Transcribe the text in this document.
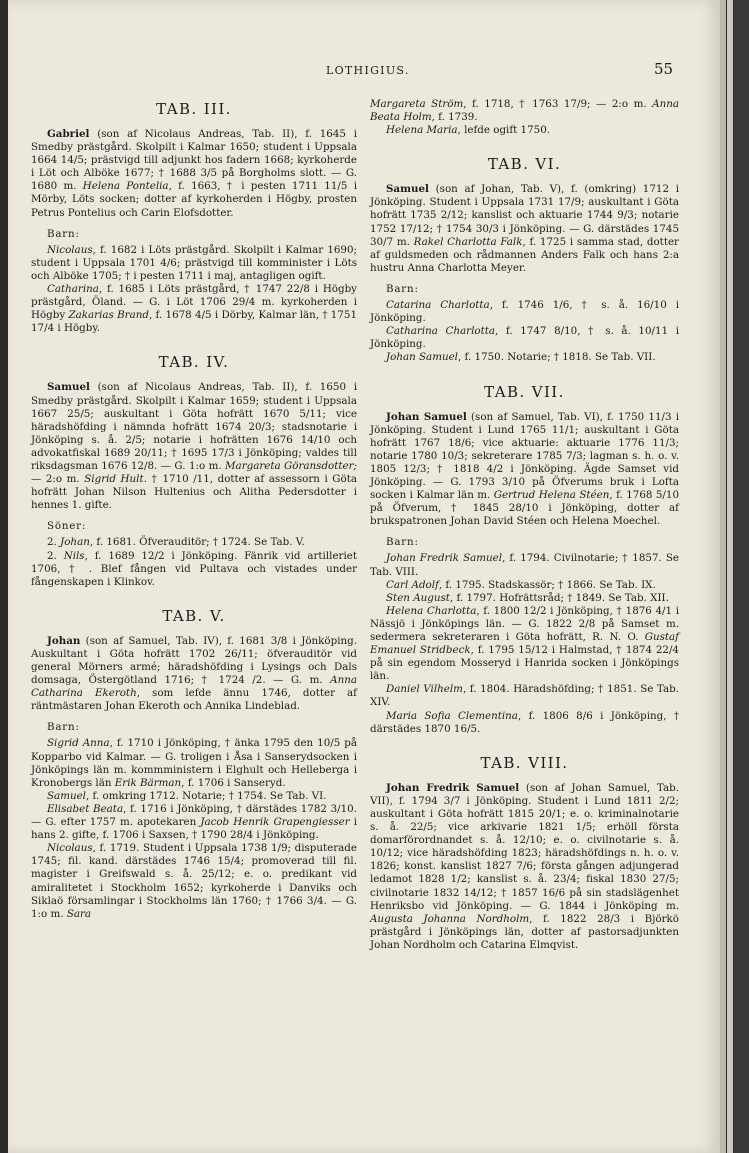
LOTHIGIUS.	55
TAB. III.

Gabriel (son af Nicolaus Andreas, Tab. II), f. 1645 i Smedby prästgård. Skolpilt i Kalmar 1650; student i Uppsala 1664 14/5; prästvigd till adjunkt hos fadern 1668; kyrkoherde i Löt och Alböke 1677; † 1688 3/5 på Borgholms slott. — G. 1680 m. Helena Pontelia, f. 1663, † i pesten 1711 11/5 i Mörby, Löts socken; dotter af kyrkoherden i Högby, prosten Petrus Pontelius och Carin Elofsdotter.

Barn:

Nicolaus, f. 1682 i Löts prästgård. Skolpilt i Kalmar 1690; student i Uppsala 1701 4/6; prästvigd till komminister i Löts och Alböke 1705; † i pesten 1711 i maj, antagligen ogift.

Catharina, f. 1685 i Löts prästgård, † 1747 22/8 i Högby prästgård, Öland. — G. i Löt 1706 29/4 m. kyrkoherden i Högby Zakarias Brand, f. 1678 4/5 i Dörby, Kalmar län, † 1751 17/4 i Högby.

TAB. IV.

Samuel (son af Nicolaus Andreas, Tab. II), f. 1650 i Smedby prästgård. Skolpilt i Kalmar 1659; student i Uppsala 1667 25/5; auskultant i Göta hofrätt 1670 5/11; vice häradshöfding i nämnda hofrätt 1674 20/3; stadsnotarie i Jönköping s. å. 2/5; notarie i hofrätten 1676 14/10 och advokatfiskal 1689 20/11; † 1695 17/3 i Jönköping; valdes till riksdagsman 1676 12/8. — G. 1:o m. Margareta Göransdotter; — 2:o m. Sigrid Hult. † 1710 /11, dotter af assessorn i Göta hofrätt Johan Nilson Hultenius och Alitha Pedersdotter i hennes 1. gifte.

Söner:

2. Johan, f. 1681. Öfverauditör; † 1724. Se Tab. V.

2. Nils, f. 1689 12/2 i Jönköping. Fänrik vid artilleriet 1706, † . Blef fången vid Pultava och vistades under fångenskapen i Klinkov.

TAB. V.

Johan (son af Samuel, Tab. IV), f. 1681 3/8 i Jönköping. Auskultant i Göta hofrätt 1702 26/11; öfverauditör vid general Mörners armé; häradshöfding i Lysings och Dals domsaga, Östergötland 1716; † 1724 /2. — G. m. Anna Catharina Ekeroth, som lefde ännu 1746, dotter af räntmästaren Johan Ekeroth och Annika Lindeblad.

Barn:

Sigrid Anna, f. 1710 i Jönköping, † änka 1795 den 10/5 på Kopparbo vid Kalmar. — G. troligen i Åsa i Sanserydsocken i Jönköpings län m. kommministern i Elghult och Helleberga i Kronobergs län Erik Bärman, f. 1706 i Sanseryd.

Samuel, f. omkring 1712. Notarie; † 1754. Se Tab. VI.

Elisabet Beata, f. 1716 i Jönköping, † därstädes 1782 3/10. — G. efter 1757 m. apotekaren Jacob Henrik Grapengiesser i hans 2. gifte, f. 1706 i Saxsen, † 1790 28/4 i Jönköping.

Nicolaus, f. 1719. Student i Uppsala 1738 1/9; disputerade 1745; fil. kand. därstädes 1746 15/4; promoverad till fil. magister i Greifswald s. å. 25/12; e. o. predikant vid amiralitetet i Stockholm 1652; kyrkoherde i Danviks och Siklaö församlingar i Stockholms län 1760; † 1766 3/4. — G. 1:o m. Sara

Margareta Ström, f. 1718, † 1763 17/9; — 2:o m. Anna Beata Holm, f. 1739.

Helena Maria, lefde ogift 1750.

TAB. VI.

Samuel (son af Johan, Tab. V), f. (omkring) 1712 i Jönköping. Student i Uppsala 1731 17/9; auskultant i Göta hofrätt 1735 2/12; kanslist och aktuarie 1744 9/3; notarie 1752 17/12; † 1754 30/3 i Jönköping. — G. därstädes 1745 30/7 m. Rakel Charlotta Falk, f. 1725 i samma stad, dotter af guldsmeden och rådmannen Anders Falk och hans 2:a hustru Anna Charlotta Meyer.

Barn:

Catarina Charlotta, f. 1746 1/6, † s. å. 16/10 i Jönköping.

Catharina Charlotta, f. 1747 8/10, † s. å. 10/11 i Jönköping.

Johan Samuel, f. 1750. Notarie; † 1818. Se Tab. VII.

TAB. VII.

Johan Samuel (son af Samuel, Tab. VI), f. 1750 11/3 i Jönköping. Student i Lund 1765 11/1; auskultant i Göta hofrätt 1767 18/6; vice aktuarie: aktuarie 1776 11/3; notarie 1780 10/3; sekreterare 1785 7/3; lagman s. h. o. v. 1805 12/3; † 1818 4/2 i Jönköping. Ägde Samset vid Jönköping. — G. 1793 3/10 på Öfverums bruk i Lofta socken i Kalmar län m. Gertrud Helena Stéen, f. 1768 5/10 på Öfverum, † 1845 28/10 i Jönköping, dotter af brukspatronen Johan David Stéen och Helena Moechel.

Barn:

Johan Fredrik Samuel, f. 1794. Civilnotarie; † 1857. Se Tab. VIII.

Carl Adolf, f. 1795. Stadskassör; † 1866. Se Tab. IX.

Sten August, f. 1797. Hofrättsråd; † 1849. Se Tab. XII.

Helena Charlotta, f. 1800 12/2 i Jönköping, † 1876 4/1 i Nässjö i Jönköpings län. — G. 1822 2/8 på Samset m. sedermera sekreteraren i Göta hofrätt, R. N. O. Gustaf Emanuel Stridbeck, f. 1795 15/12 i Halmstad, † 1874 22/4 på sin egendom Mosseryd i Hanrida socken i Jönköpings län.

Daniel Vilhelm, f. 1804. Häradshöfding; † 1851. Se Tab. XIV.

Maria Sofia Clementina, f. 1806 8/6 i Jönköping, † därstädes 1870 16/5.

TAB. VIII.

Johan Fredrik Samuel (son af Johan Samuel, Tab. VII), f. 1794 3/7 i Jönköping. Student i Lund 1811 2/2; auskultant i Göta hofrätt 1815 20/1; e. o. kriminalnotarie s. å. 22/5; vice arkivarie 1821 1/5; erhöll första domarförordnandet s. å. 12/10; e. o. civilnotarie s. å. 10/12; vice häradshöfding 1823; häradshöfdings n. h. o. v. 1826; konst. kanslist 1827 7/6; första gången adjungerad ledamot 1828 1/2; kanslist s. å. 23/4; fiskal 1830 27/5; civilnotarie 1832 14/12; † 1857 16/6 på sin stadslägenhet Henriksbo vid Jönköping. — G. 1844 i Jönköping m. Augusta Johanna Nordholm, f. 1822 28/3 i Björkö prästgård i Jönköpings län, dotter af pastorsadjunkten Johan Nordholm och Catarina Elmqvist.
